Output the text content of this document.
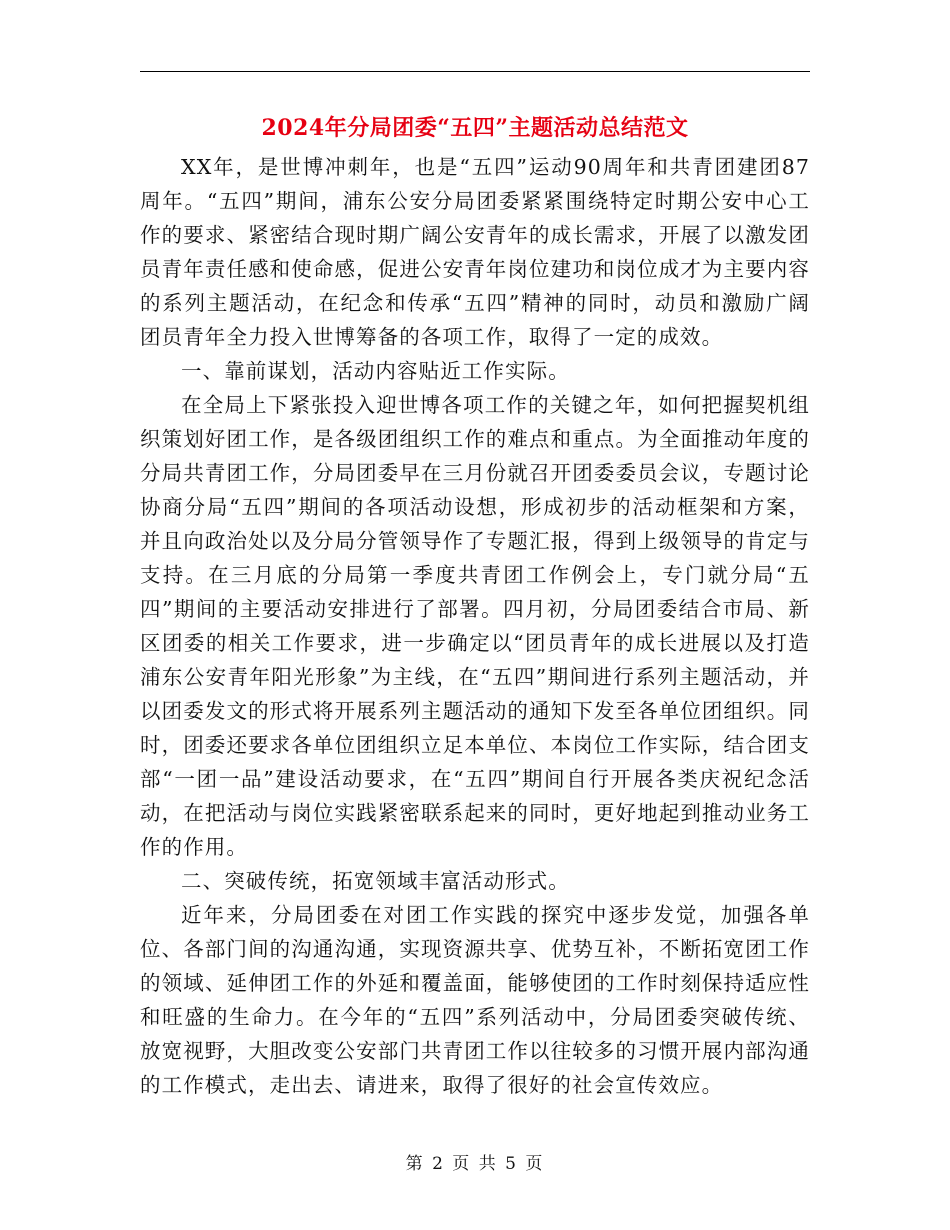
2024年分局团委“五四”主题活动总结范文

XX年，是世博冲刺年，也是“五四”运动90周年和共青团建团87周年。“五四”期间，浦东公安分局团委紧紧围绕特定时期公安中心工作的要求、紧密结合现时期广阔公安青年的成长需求，开展了以激发团员青年责任感和使命感，促进公安青年岗位建功和岗位成才为主要内容的系列主题活动，在纪念和传承“五四”精神的同时，动员和激励广阔团员青年全力投入世博筹备的各项工作，取得了一定的成效。

一、靠前谋划，活动内容贴近工作实际。

在全局上下紧张投入迎世博各项工作的关键之年，如何把握契机组织策划好团工作，是各级团组织工作的难点和重点。为全面推动年度的分局共青团工作，分局团委早在三月份就召开团委委员会议，专题讨论协商分局“五四”期间的各项活动设想，形成初步的活动框架和方案，并且向政治处以及分局分管领导作了专题汇报，得到上级领导的肯定与支持。在三月底的分局第一季度共青团工作例会上，专门就分局“五四”期间的主要活动安排进行了部署。四月初，分局团委结合市局、新区团委的相关工作要求，进一步确定以“团员青年的成长进展以及打造浦东公安青年阳光形象”为主线，在“五四”期间进行系列主题活动，并以团委发文的形式将开展系列主题活动的通知下发至各单位团组织。同时，团委还要求各单位团组织立足本单位、本岗位工作实际，结合团支部“一团一品”建设活动要求，在“五四”期间自行开展各类庆祝纪念活动，在把活动与岗位实践紧密联系起来的同时，更好地起到推动业务工作的作用。

二、突破传统，拓宽领域丰富活动形式。

近年来，分局团委在对团工作实践的探究中逐步发觉，加强各单位、各部门间的沟通沟通，实现资源共享、优势互补，不断拓宽团工作的领域、延伸团工作的外延和覆盖面，能够使团的工作时刻保持适应性和旺盛的生命力。在今年的“五四”系列活动中，分局团委突破传统、放宽视野，大胆改变公安部门共青团工作以往较多的习惯开展内部沟通的工作模式，走出去、请进来，取得了很好的社会宣传效应。

第 2 页 共 5 页
